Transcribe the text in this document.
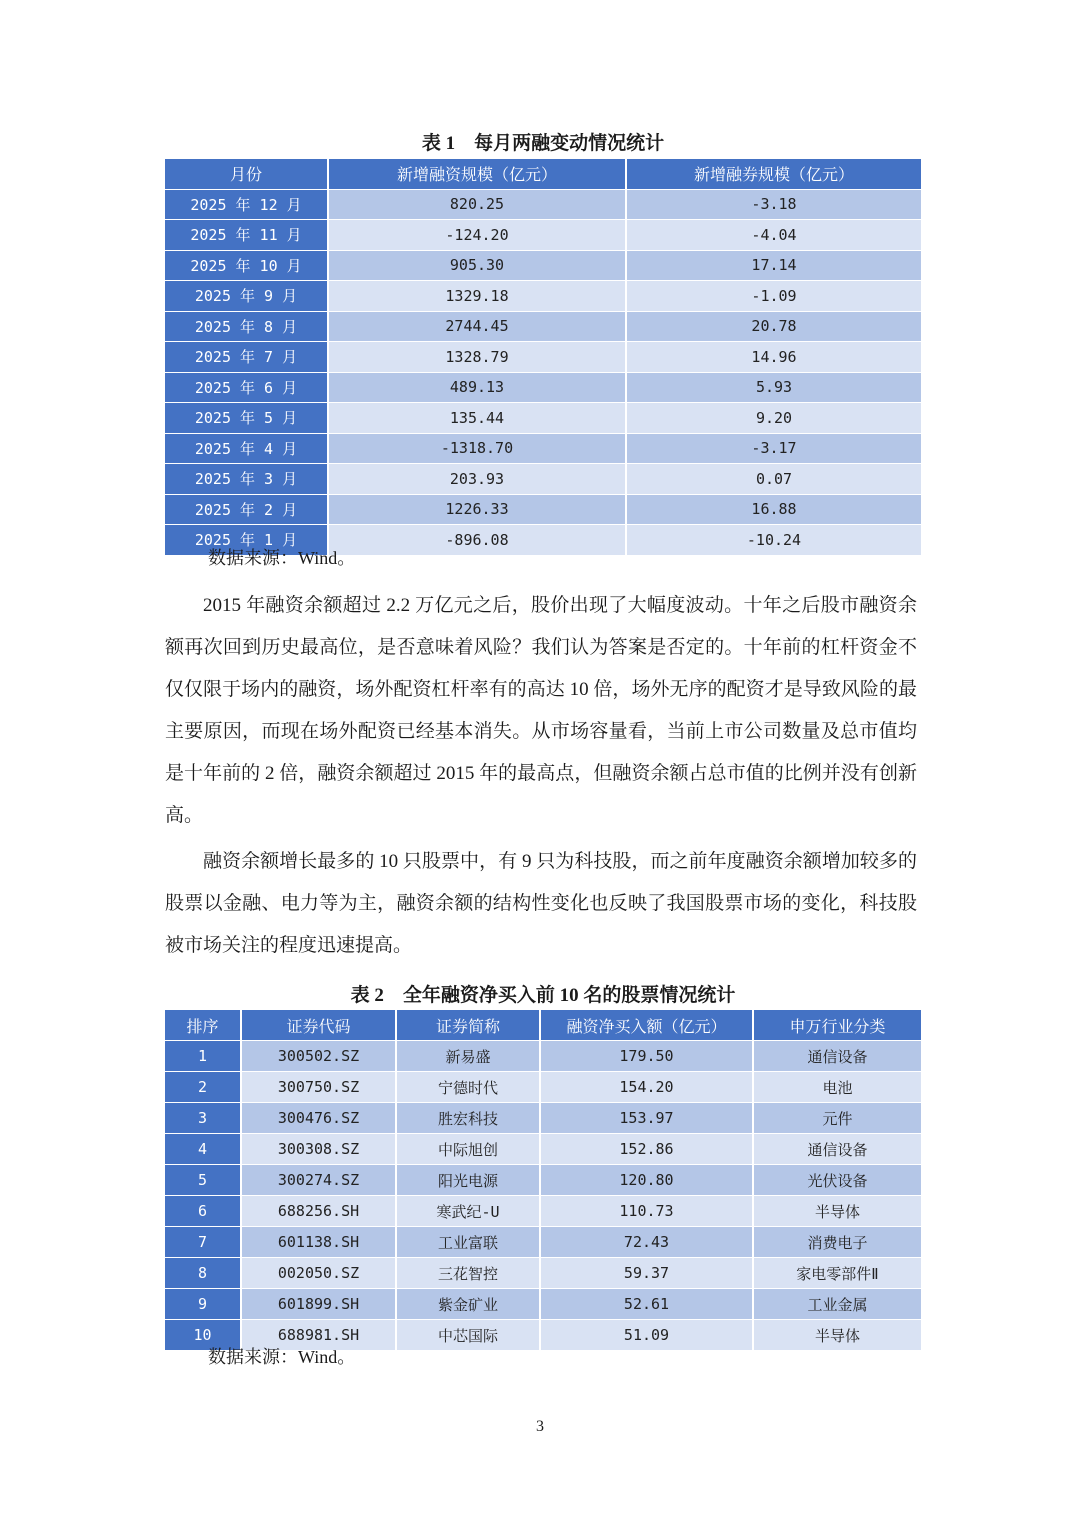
表 1　每月两融变动情况统计
月份	新增融资规模（亿元）	新增融券规模（亿元）
2025 年 12 月	820.25	-3.18
2025 年 11 月	-124.20	-4.04
2025 年 10 月	905.30	17.14
2025 年 9 月	1329.18	-1.09
2025 年 8 月	2744.45	20.78
2025 年 7 月	1328.79	14.96
2025 年 6 月	489.13	5.93
2025 年 5 月	135.44	9.20
2025 年 4 月	-1318.70	-3.17
2025 年 3 月	203.93	0.07
2025 年 2 月	1226.33	16.88
2025 年 1 月	-896.08	-10.24
数据来源：Wind。

2015 年融资余额超过 2.2 万亿元之后，股价出现了大幅度波动。十年之后股市融资余额再次回到历史最高位，是否意味着风险？我们认为答案是否定的。十年前的杠杆资金不仅仅限于场内的融资，场外配资杠杆率有的高达 10 倍，场外无序的配资才是导致风险的最主要原因，而现在场外配资已经基本消失。从市场容量看，当前上市公司数量及总市值均是十年前的 2 倍，融资余额超过 2015 年的最高点，但融资余额占总市值的比例并没有创新高。

融资余额增长最多的 10 只股票中，有 9 只为科技股，而之前年度融资余额增加较多的股票以金融、电力等为主，融资余额的结构性变化也反映了我国股票市场的变化，科技股被市场关注的程度迅速提高。

表 2　全年融资净买入前 10 名的股票情况统计
排序	证券代码	证券简称	融资净买入额（亿元）	申万行业分类
1	300502.SZ	新易盛	179.50	通信设备
2	300750.SZ	宁德时代	154.20	电池
3	300476.SZ	胜宏科技	153.97	元件
4	300308.SZ	中际旭创	152.86	通信设备
5	300274.SZ	阳光电源	120.80	光伏设备
6	688256.SH	寒武纪-U	110.73	半导体
7	601138.SH	工业富联	72.43	消费电子
8	002050.SZ	三花智控	59.37	家电零部件Ⅱ
9	601899.SH	紫金矿业	52.61	工业金属
10	688981.SH	中芯国际	51.09	半导体
数据来源：Wind。
3
